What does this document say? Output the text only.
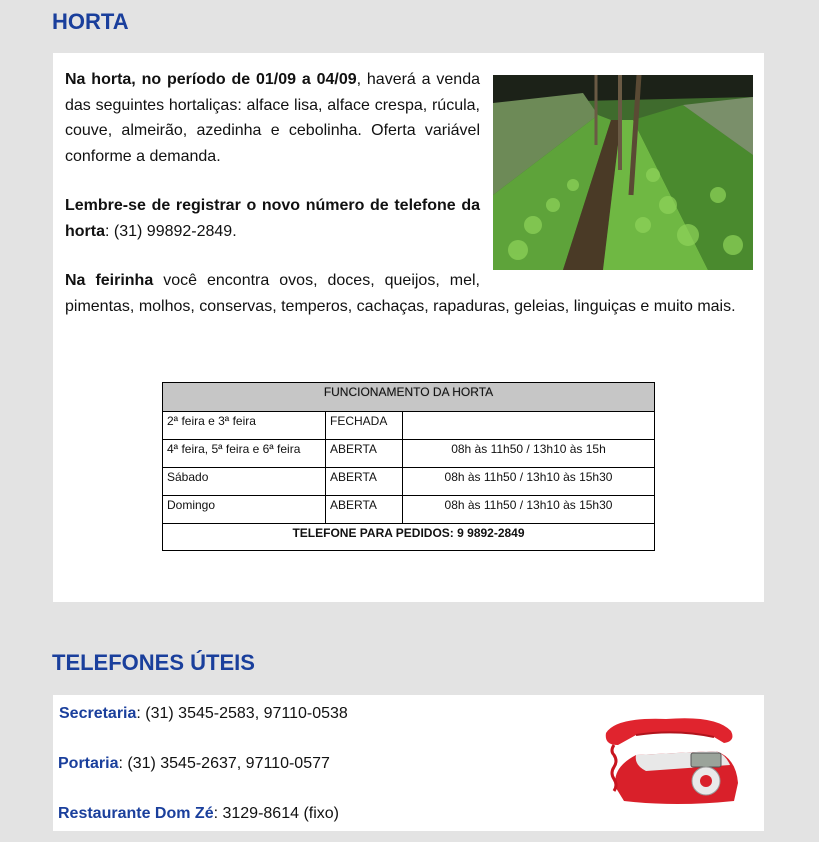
HORTA

Na horta, no período de 01/09 a 04/09, haverá a venda das seguintes hortaliças: alface lisa, alface crespa, rúcula, couve, almeirão, azedinha e cebolinha. Oferta variável conforme a demanda.

Lembre-se de registrar o novo número de telefone da horta: (31) 99892-2849.

Na feirinha você encontra ovos, doces, queijos, mel, pimentas, molhos, conservas, temperos, cachaças, rapaduras, geleias, linguiças e muito mais.

FUNCIONAMENTO DA HORTA		
2ª feira e 3ª feira	FECHADA	
4ª feira, 5ª feira e 6ª feira	ABERTA	08h às 11h50 / 13h10 às 15h
Sábado	ABERTA	08h às 11h50 / 13h10 às 15h30
Domingo	ABERTA	08h às 11h50 / 13h10 às 15h30
TELEFONE PARA PEDIDOS: 9 9892-2849		
TELEFONES ÚTEIS
Secretaria: (31) 3545-2583, 97110-0538
Portaria: (31) 3545-2637, 97110-0577
Restaurante Dom Zé: 3129-8614 (fixo)
